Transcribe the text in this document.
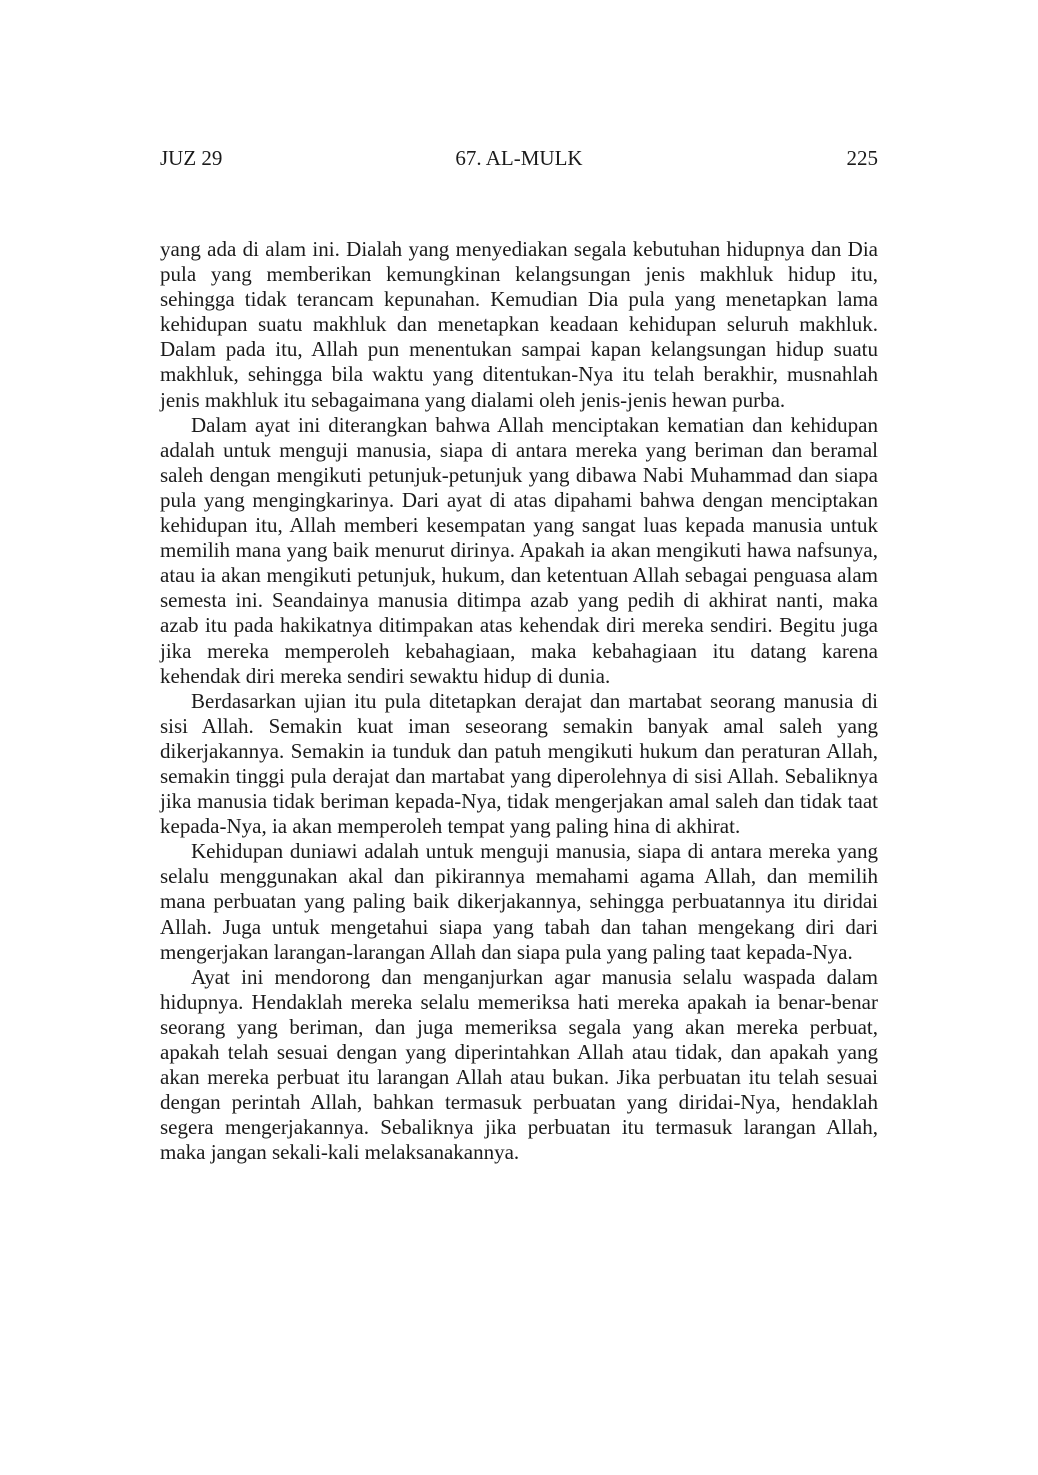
JUZ 29	67. AL-MULK	225

yang ada di alam ini. Dialah yang menyediakan segala kebutuhan hidupnya dan Dia pula yang memberikan kemungkinan kelangsungan jenis makhluk hidup itu, sehingga tidak terancam kepunahan. Kemudian Dia pula yang menetapkan lama kehidupan suatu makhluk dan menetapkan keadaan kehidupan seluruh makhluk. Dalam pada itu, Allah pun menentukan sampai kapan kelangsungan hidup suatu makhluk, sehingga bila waktu yang ditentukan-Nya itu telah berakhir, musnahlah jenis makhluk itu sebagaimana yang dialami oleh jenis-jenis hewan purba.

Dalam ayat ini diterangkan bahwa Allah menciptakan kematian dan kehidupan adalah untuk menguji manusia, siapa di antara mereka yang beriman dan beramal saleh dengan mengikuti petunjuk-petunjuk yang dibawa Nabi Muhammad dan siapa pula yang mengingkarinya. Dari ayat di atas dipahami bahwa dengan menciptakan kehidupan itu, Allah memberi kesempatan yang sangat luas kepada manusia untuk memilih mana yang baik menurut dirinya. Apakah ia akan mengikuti hawa nafsunya, atau ia akan mengikuti petunjuk, hukum, dan ketentuan Allah sebagai penguasa alam semesta ini. Seandainya manusia ditimpa azab yang pedih di akhirat nanti, maka azab itu pada hakikatnya ditimpakan atas kehendak diri mereka sendiri. Begitu juga jika mereka memperoleh kebahagiaan, maka kebahagiaan itu datang karena kehendak diri mereka sendiri sewaktu hidup di dunia.

Berdasarkan ujian itu pula ditetapkan derajat dan martabat seorang manusia di sisi Allah. Semakin kuat iman seseorang semakin banyak amal saleh yang dikerjakannya. Semakin ia tunduk dan patuh mengikuti hukum dan peraturan Allah, semakin tinggi pula derajat dan martabat yang diperolehnya di sisi Allah. Sebaliknya jika manusia tidak beriman kepada-Nya, tidak mengerjakan amal saleh dan tidak taat kepada-Nya, ia akan memperoleh tempat yang paling hina di akhirat.

Kehidupan duniawi adalah untuk menguji manusia, siapa di antara mereka yang selalu menggunakan akal dan pikirannya memahami agama Allah, dan memilih mana perbuatan yang paling baik dikerjakannya, sehingga perbuatannya itu diridai Allah. Juga untuk mengetahui siapa yang tabah dan tahan mengekang diri dari mengerjakan larangan-larangan Allah dan siapa pula yang paling taat kepada-Nya.

Ayat ini mendorong dan menganjurkan agar manusia selalu waspada dalam hidupnya. Hendaklah mereka selalu memeriksa hati mereka apakah ia benar-benar seorang yang beriman, dan juga memeriksa segala yang akan mereka perbuat, apakah telah sesuai dengan yang diperintahkan Allah atau tidak, dan apakah yang akan mereka perbuat itu larangan Allah atau bukan. Jika perbuatan itu telah sesuai dengan perintah Allah, bahkan termasuk perbuatan yang diridai-Nya, hendaklah segera mengerjakannya. Sebaliknya jika perbuatan itu termasuk larangan Allah, maka jangan sekali-kali melaksanakannya.
